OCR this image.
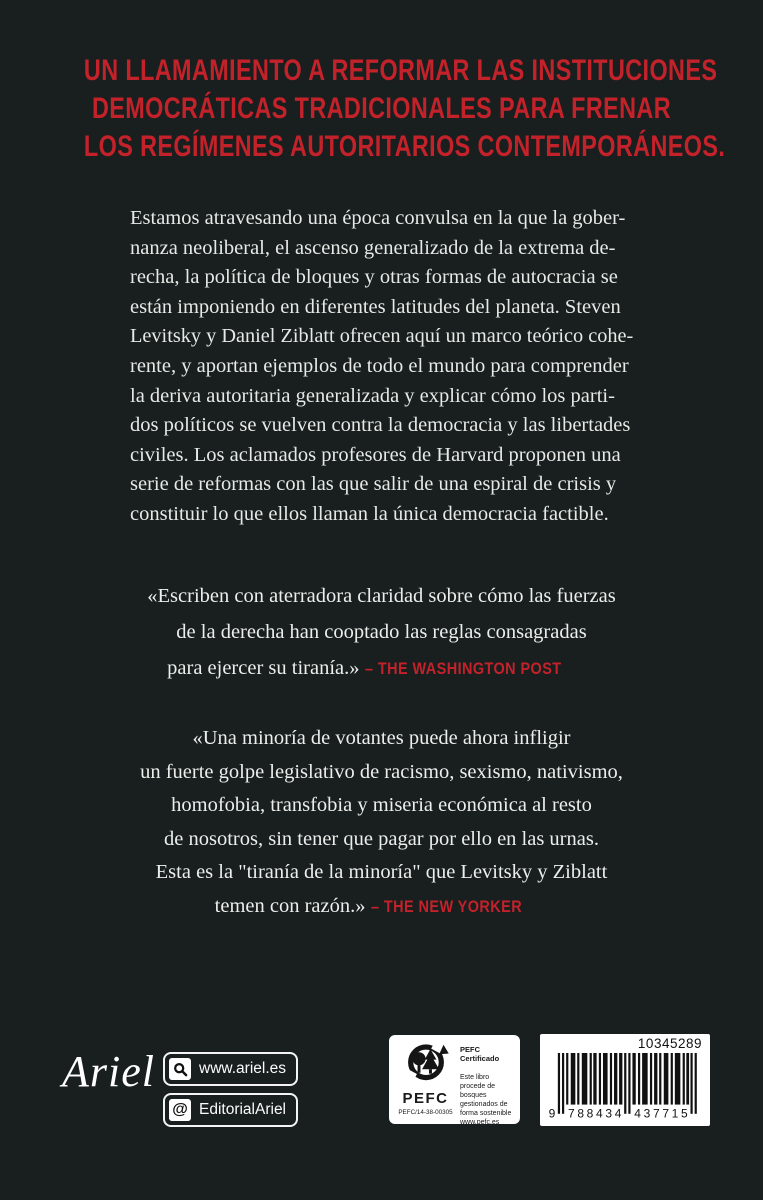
UN LLAMAMIENTO A REFORMAR LAS INSTITUCIONES
DEMOCRÁTICAS TRADICIONALES PARA FRENAR
LOS REGÍMENES AUTORITARIOS CONTEMPORÁNEOS.
Estamos atravesando una época convulsa en la que la gober-
nanza neoliberal, el ascenso generalizado de la extrema de-
recha, la política de bloques y otras formas de autocracia se
están imponiendo en diferentes latitudes del planeta. Steven
Levitsky y Daniel Ziblatt ofrecen aquí un marco teórico cohe-
rente, y aportan ejemplos de todo el mundo para comprender
la deriva autoritaria generalizada y explicar cómo los parti-
dos políticos se vuelven contra la democracia y las libertades
civiles. Los aclamados profesores de Harvard proponen una
serie de reformas con las que salir de una espiral de crisis y
constituir lo que ellos llaman la única democracia factible.
«Escriben con aterradora claridad sobre cómo las fuerzas
de la derecha han cooptado las reglas consagradas
para ejercer su tiranía.» – THE WASHINGTON POST
«Una minoría de votantes puede ahora infligir
un fuerte golpe legislativo de racismo, sexismo, nativismo,
homofobia, transfobia y miseria económica al resto
de nosotros, sin tener que pagar por ello en las urnas.
Esta es la "tiranía de la minoría" que Levitsky y Ziblatt
temen con razón.» – THE NEW YORKER
Ariel	www.ariel.es
@ EditorialAriel
PEFC
PEFC/14-38-00305
PEFC Certificado
Este libro procede de bosques gestionados de forma sostenible
www.pefc.es
10345289
9 788434 437715
